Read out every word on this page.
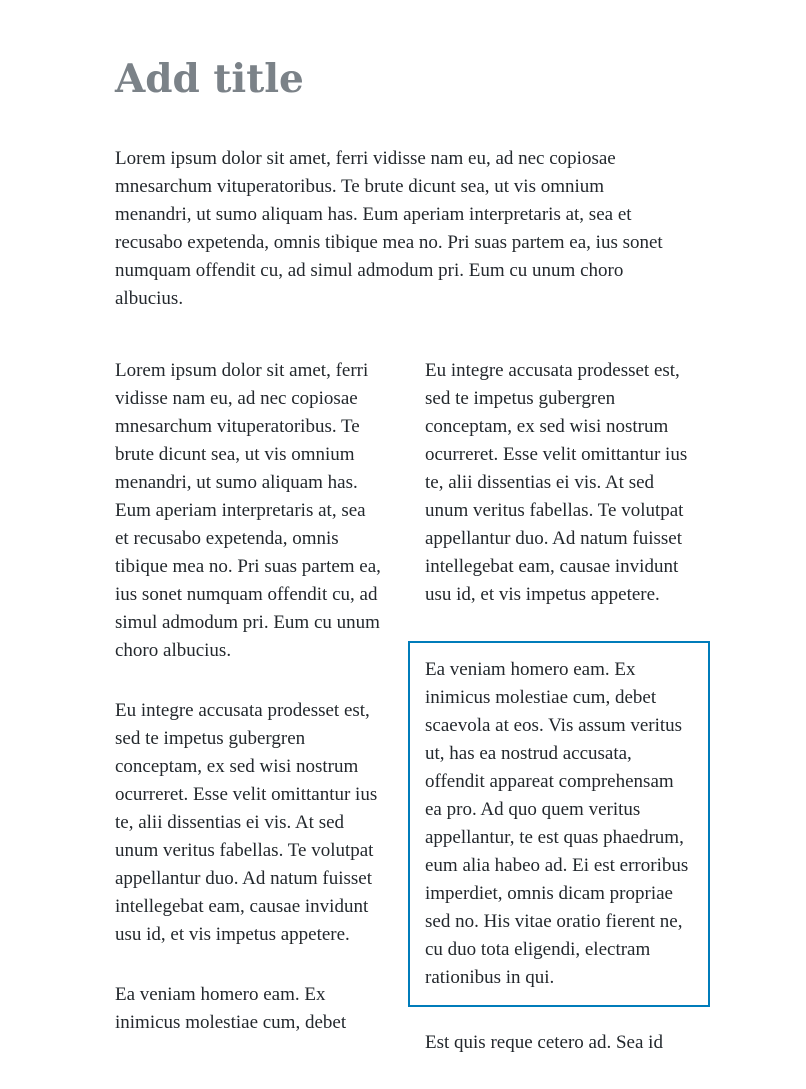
Add title

Lorem ipsum dolor sit amet, ferri vidisse nam eu, ad nec copiosae mnesarchum vituperatoribus. Te brute dicunt sea, ut vis omnium menandri, ut sumo aliquam has. Eum aperiam interpretaris at, sea et recusabo expetenda, omnis tibique mea no. Pri suas partem ea, ius sonet numquam offendit cu, ad simul admodum pri. Eum cu unum choro albucius.

Lorem ipsum dolor sit amet, ferri vidisse nam eu, ad nec copiosae mnesarchum vituperatoribus. Te brute dicunt sea, ut vis omnium menandri, ut sumo aliquam has. Eum aperiam interpretaris at, sea et recusabo expetenda, omnis tibique mea no. Pri suas partem ea, ius sonet numquam offendit cu, ad simul admodum pri. Eum cu unum choro albucius.

Eu integre accusata prodesset est, sed te impetus gubergren conceptam, ex sed wisi nostrum ocurreret. Esse velit omittantur ius te, alii dissentias ei vis. At sed unum veritus fabellas. Te volutpat appellantur duo. Ad natum fuisset intellegebat eam, causae invidunt usu id, et vis impetus appetere.

Ea veniam homero eam. Ex inimicus molestiae cum, debet

Eu integre accusata prodesset est, sed te impetus gubergren conceptam, ex sed wisi nostrum ocurreret. Esse velit omittantur ius te, alii dissentias ei vis. At sed unum veritus fabellas. Te volutpat appellantur duo. Ad natum fuisset intellegebat eam, causae invidunt usu id, et vis impetus appetere.

Ea veniam homero eam. Ex inimicus molestiae cum, debet scaevola at eos. Vis assum veritus ut, has ea nostrud accusata, offendit appareat comprehensam ea pro. Ad quo quem veritus appellantur, te est quas phaedrum, eum alia habeo ad. Ei est erroribus imperdiet, omnis dicam propriae sed no. His vitae oratio fierent ne, cu duo tota eligendi, electram rationibus in qui.

Est quis reque cetero ad. Sea id
